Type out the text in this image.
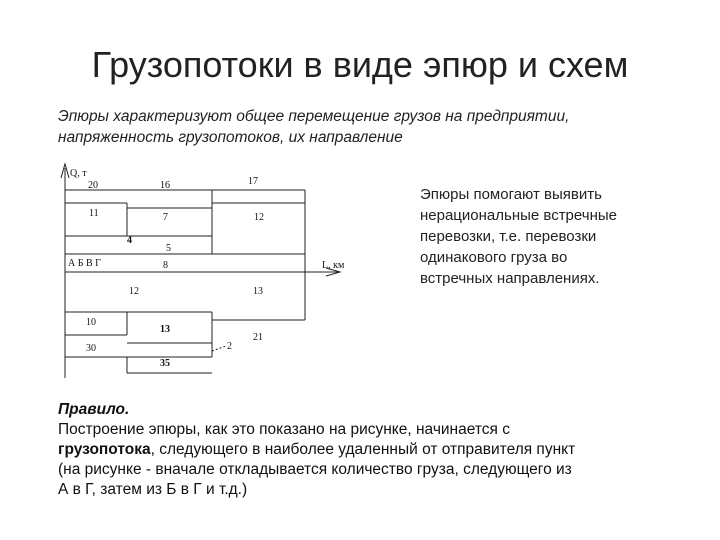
Грузопотоки в виде эпюр и схем
Эпюры характеризуют общее перемещение грузов на предприятии,
напряженность грузопотоков, их направление
Q, т
L, км
А Б В Г
20	16	17
11	7	12
4
5
8
12	13
10
13
21
30
35
2
Эпюры помогают выявить
нерациональные встречные
перевозки, т.е. перевозки
одинакового груза во
встречных направлениях.
Правило.
Построение эпюры, как это показано на рисунке, начинается с
грузопотока, следующего в наиболее удаленный от отправителя пункт
(на рисунке - вначале откладывается количество груза, следующего из
А в Г, затем из Б в Г и т.д.)
